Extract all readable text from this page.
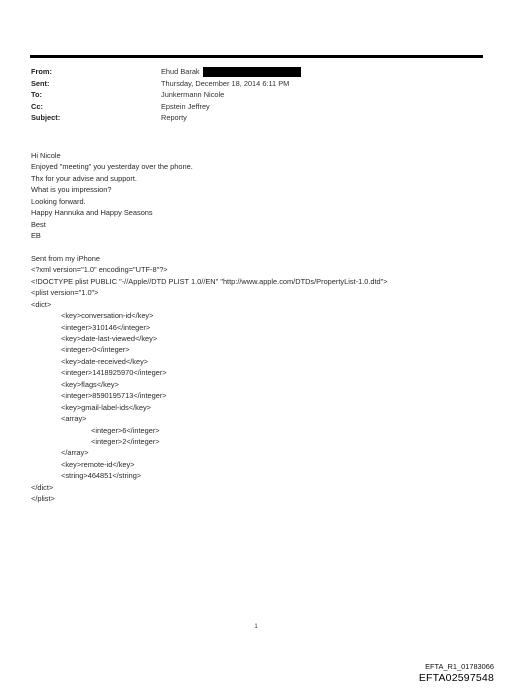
From:	Ehud Barak
Sent:	Thursday, December 18, 2014 6:11 PM
To:	Junkermann Nicole
Cc:	Epstein Jeffrey
Subject:	Reporty
Hi Nicole
Enjoyed "meeting" you yesterday over the phone.
Thx for your advise and support.
What is you impression?
Looking forward.
Happy Hannuka and Happy Seasons
Best
EB
Sent from my iPhone
<?xml version="1.0" encoding="UTF-8"?>
<!DOCTYPE plist PUBLIC "-//Apple//DTD PLIST 1.0//EN" "http://www.apple.com/DTDs/PropertyList-1.0.dtd">
<plist version="1.0">
<dict>
<key>conversation-id</key>
<integer>310146</integer>
<key>date-last-viewed</key>
<integer>0</integer>
<key>date-received</key>
<integer>1418925970</integer>
<key>flags</key>
<integer>8590195713</integer>
<key>gmail-label-ids</key>
<array>
<integer>6</integer>
<integer>2</integer>
</array>
<key>remote-id</key>
<string>464851</string>
</dict>
</plist>
1
EFTA_R1_01783066
EFTA02597548
